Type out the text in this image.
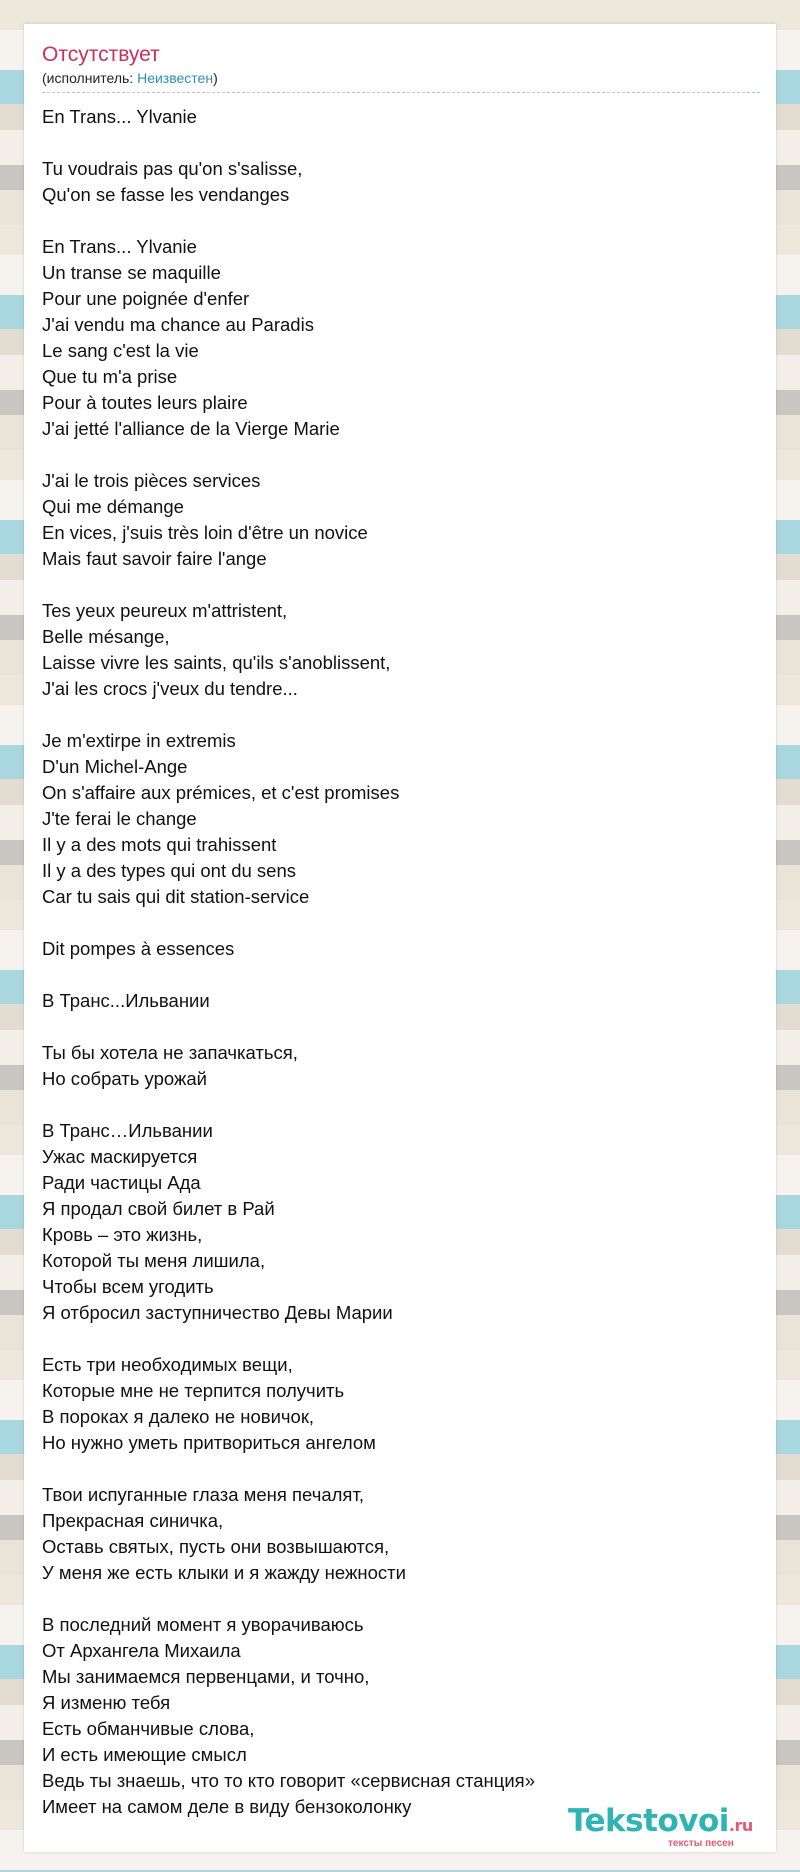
Отсутствует
(исполнитель: Неизвестен)
En Trans... Ylvanie
Tu voudrais pas qu'on s'salisse,
Qu'on se fasse les vendanges
En Trans... Ylvanie
Un transe se maquille
Pour une poignée d'enfer
J'ai vendu ma chance au Paradis
Le sang c'est la vie
Que tu m'a prise
Pour à toutes leurs plaire
J'ai jetté l'alliance de la Vierge Marie
J'ai le trois pièces services
Qui me démange
En vices, j'suis très loin d'être un novice
Mais faut savoir faire l'ange
Tes yeux peureux m'attristent,
Belle mésange,
Laisse vivre les saints, qu'ils s'anoblissent,
J'ai les crocs j'veux du tendre...
Je m'extirpe in extremis
D'un Michel-Ange
On s'affaire aux prémices, et c'est promises
J'te ferai le change
Il y a des mots qui trahissent
Il y a des types qui ont du sens
Car tu sais qui dit station-service
Dit pompes à essences
В Транс...Ильвании
Ты бы хотела не запачкаться,
Но собрать урожай
В Транс…Ильвании
Ужас маскируется
Ради частицы Ада
Я продал свой билет в Рай
Кровь – это жизнь,
Которой ты меня лишила,
Чтобы всем угодить
Я отбросил заступничество Девы Марии
Есть три необходимых вещи,
Которые мне не терпится получить
В пороках я далеко не новичок,
Но нужно уметь притвориться ангелом
Твои испуганные глаза меня печалят,
Прекрасная синичка,
Оставь святых, пусть они возвышаются,
У меня же есть клыки и я жажду нежности
В последний момент я уворачиваюсь
От Архангела Михаила
Мы занимаемся первенцами, и точно,
Я изменю тебя
Есть обманчивые слова,
И есть имеющие смысл
Ведь ты знаешь, что то кто говорит «сервисная станция»
Имеет на самом деле в виду бензоколонку	Tekstovoi.ru
тексты песен
